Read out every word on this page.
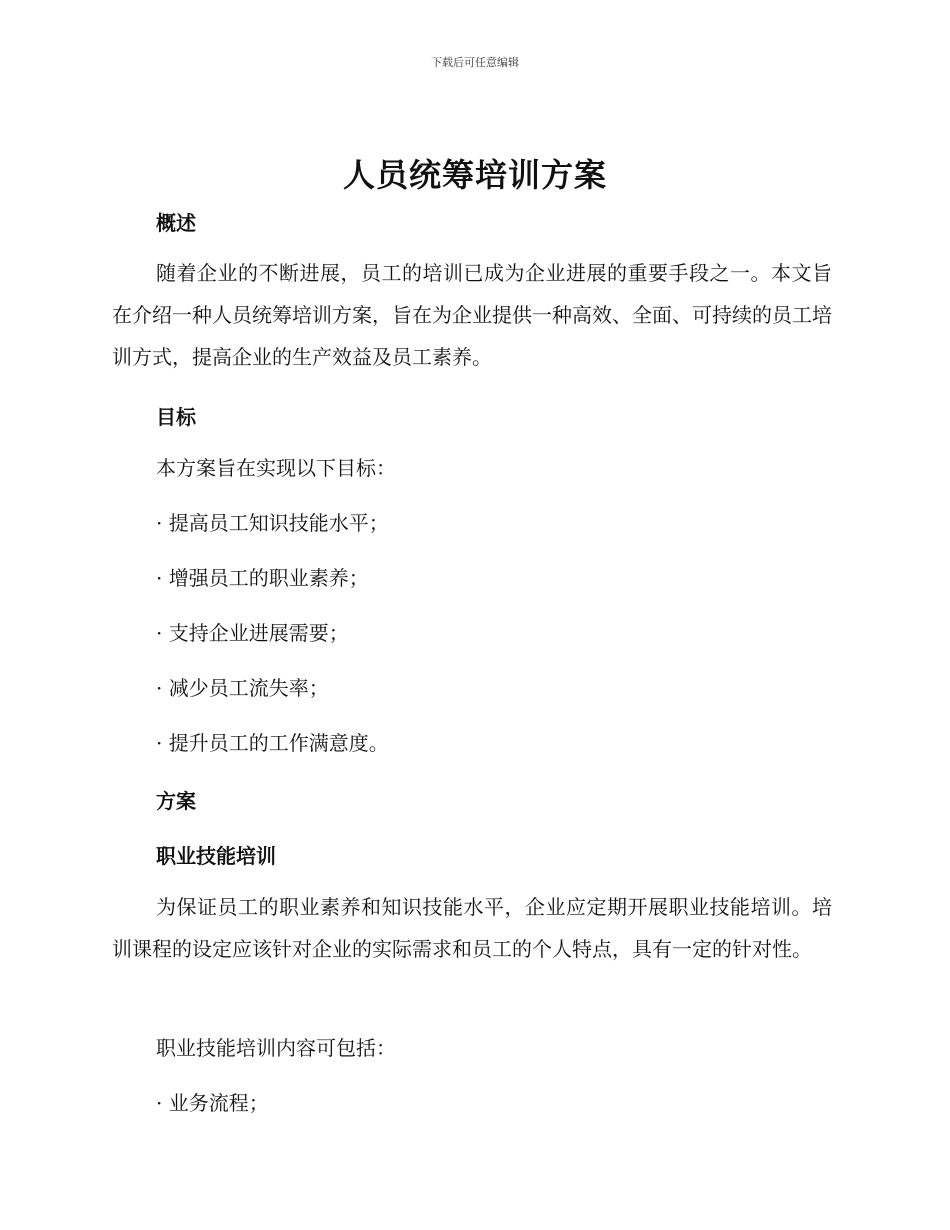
下载后可任意编辑
人员统筹培训方案
概述
随着企业的不断进展，员工的培训已成为企业进展的重要手段之一。本文旨在介绍一种人员统筹培训方案，旨在为企业提供一种高效、全面、可持续的员工培训方式，提高企业的生产效益及员工素养。
目标
本方案旨在实现以下目标：
· 提高员工知识技能水平；
· 增强员工的职业素养；
· 支持企业进展需要；
· 减少员工流失率；
· 提升员工的工作满意度。
方案
职业技能培训
为保证员工的职业素养和知识技能水平，企业应定期开展职业技能培训。培训课程的设定应该针对企业的实际需求和员工的个人特点，具有一定的针对性。
职业技能培训内容可包括：
· 业务流程；
